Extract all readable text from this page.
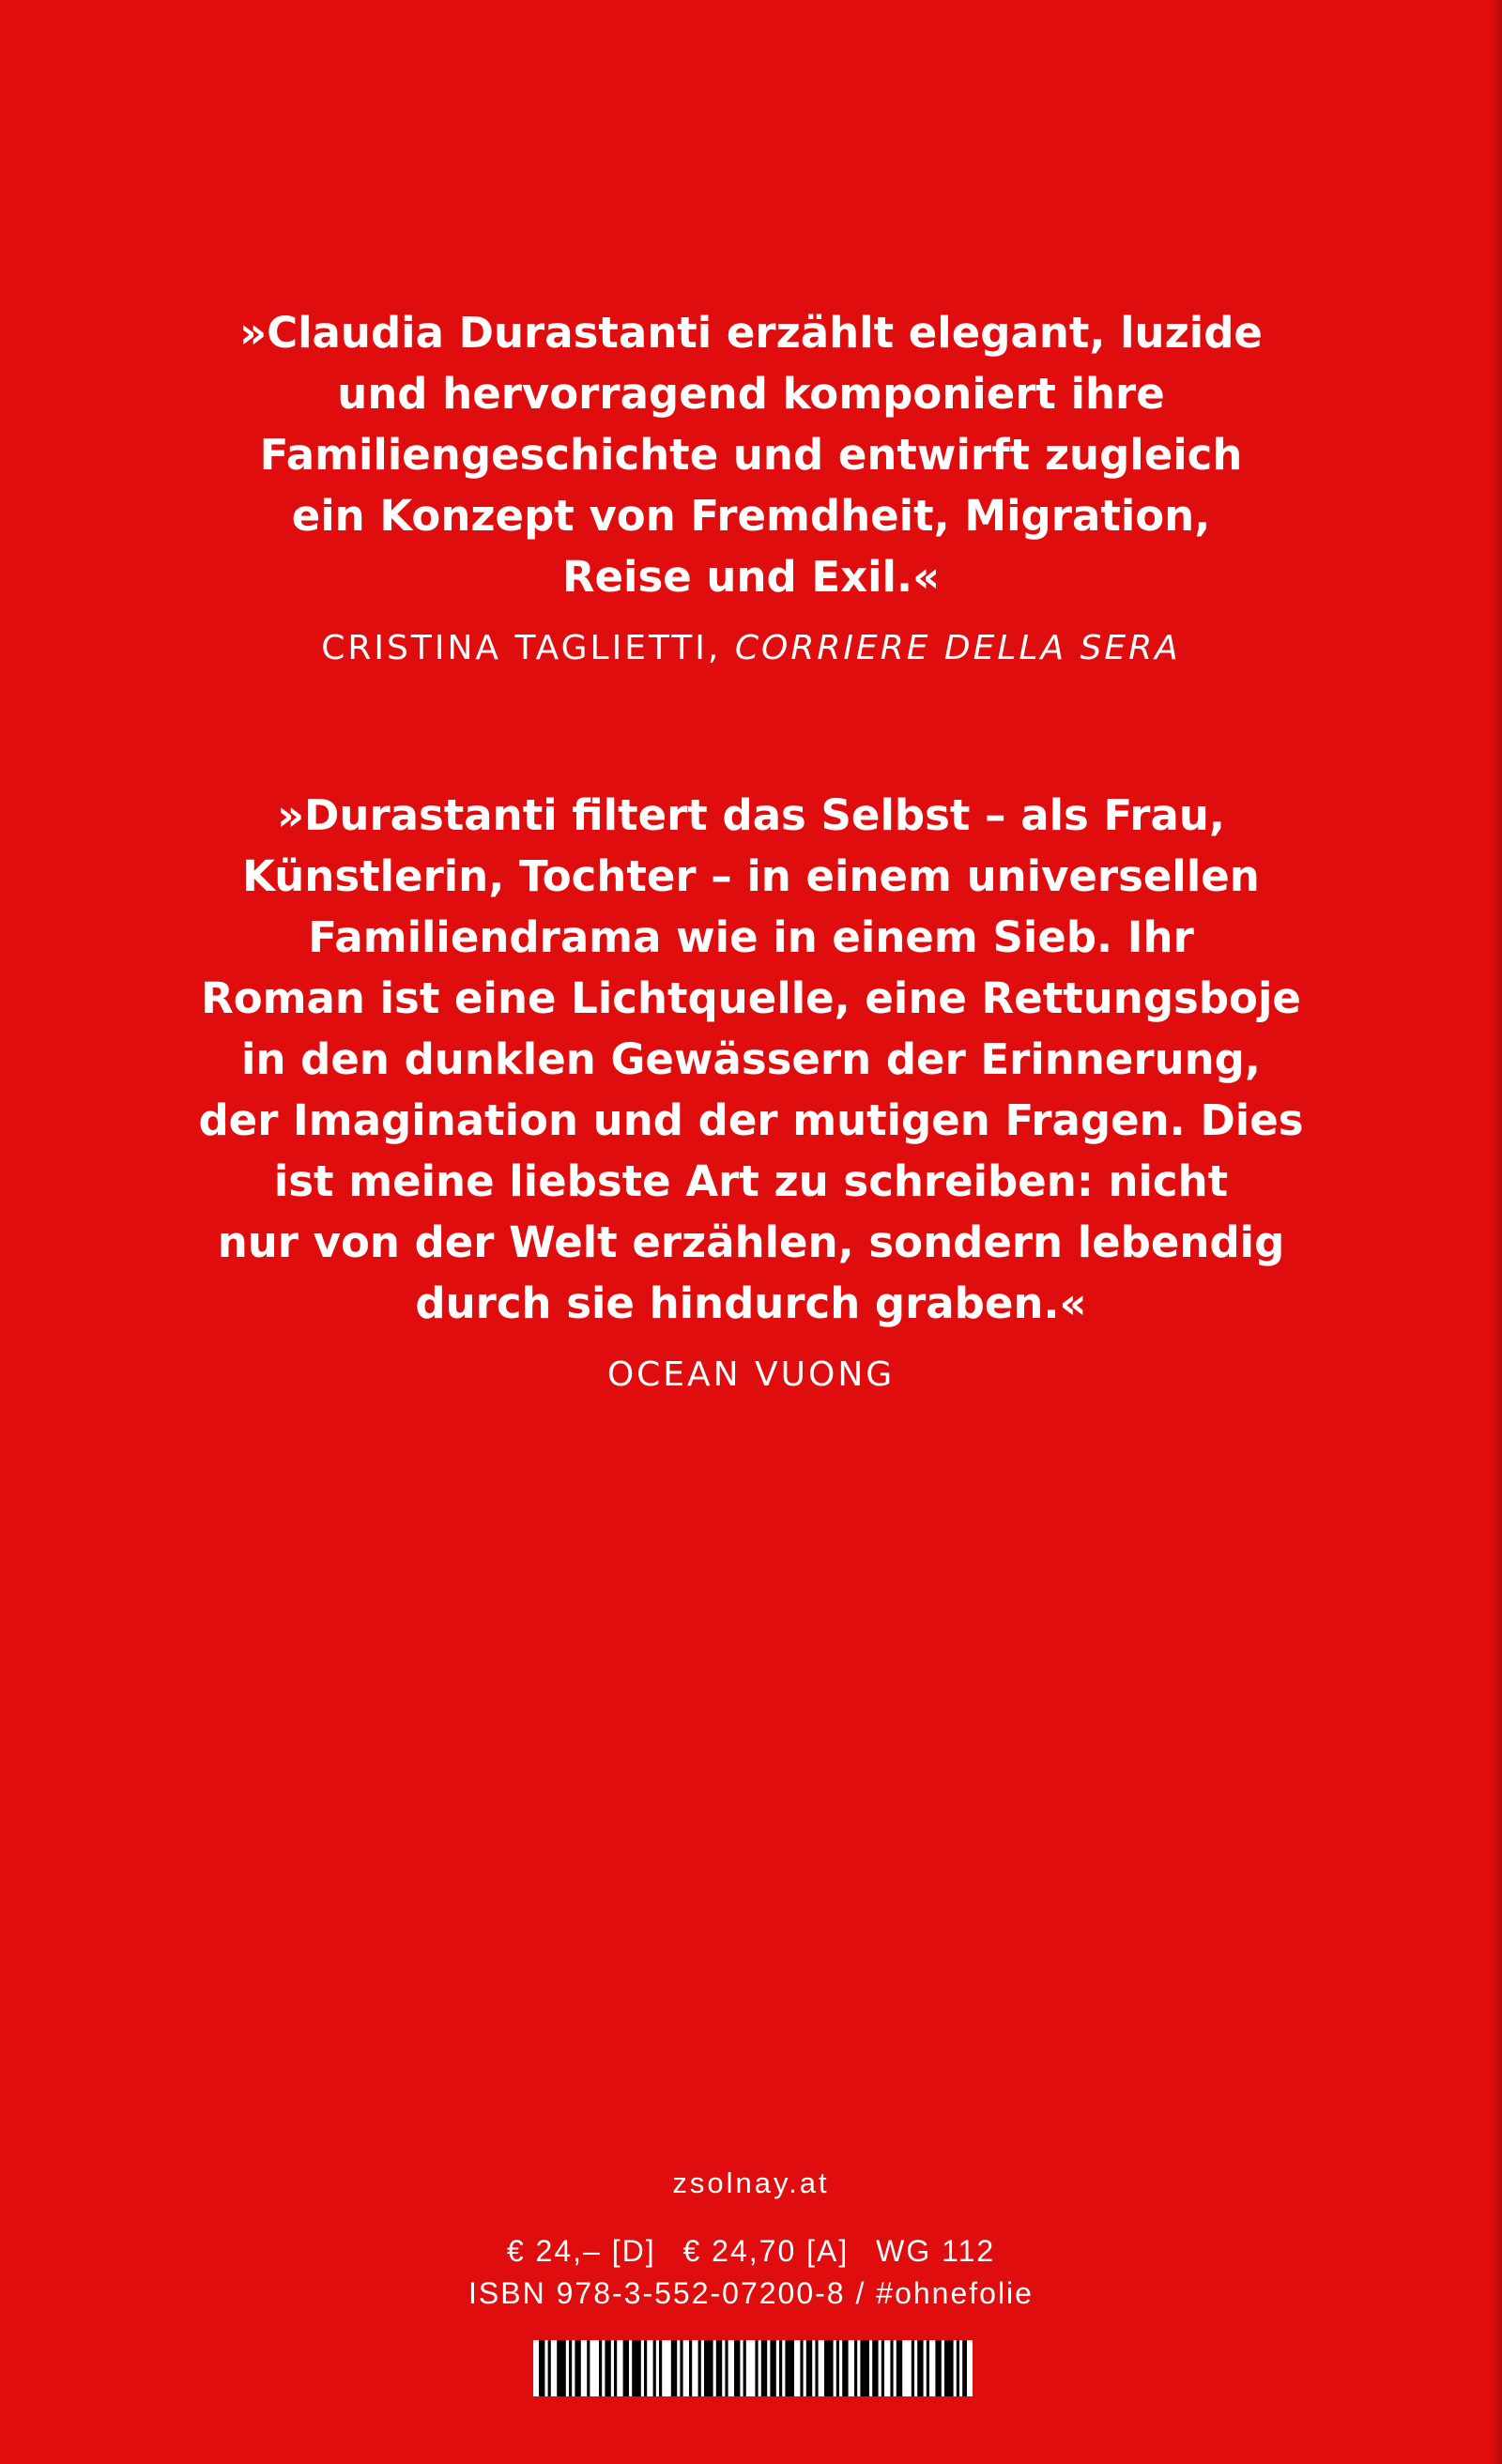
»Claudia Durastanti erzählt elegant, luzide
und hervorragend komponiert ihre
Familiengeschichte und entwirft zugleich
ein Konzept von Fremdheit, Migration,
Reise und Exil.«

CRISTINA TAGLIETTI, CORRIERE DELLA SERA

»Durastanti filtert das Selbst – als Frau,
Künstlerin, Tochter – in einem universellen
Familiendrama wie in einem Sieb. Ihr
Roman ist eine Lichtquelle, eine Rettungsboje
in den dunklen Gewässern der Erinnerung,
der Imagination und der mutigen Fragen. Dies
ist meine liebste Art zu schreiben: nicht
nur von der Welt erzählen, sondern lebendig
durch sie hindurch graben.«

OCEAN VUONG
zsolnay.at
€ 24,– [D] € 24,70 [A] WG 112
ISBN 978-3-552-07200-8 / #ohnefolie
